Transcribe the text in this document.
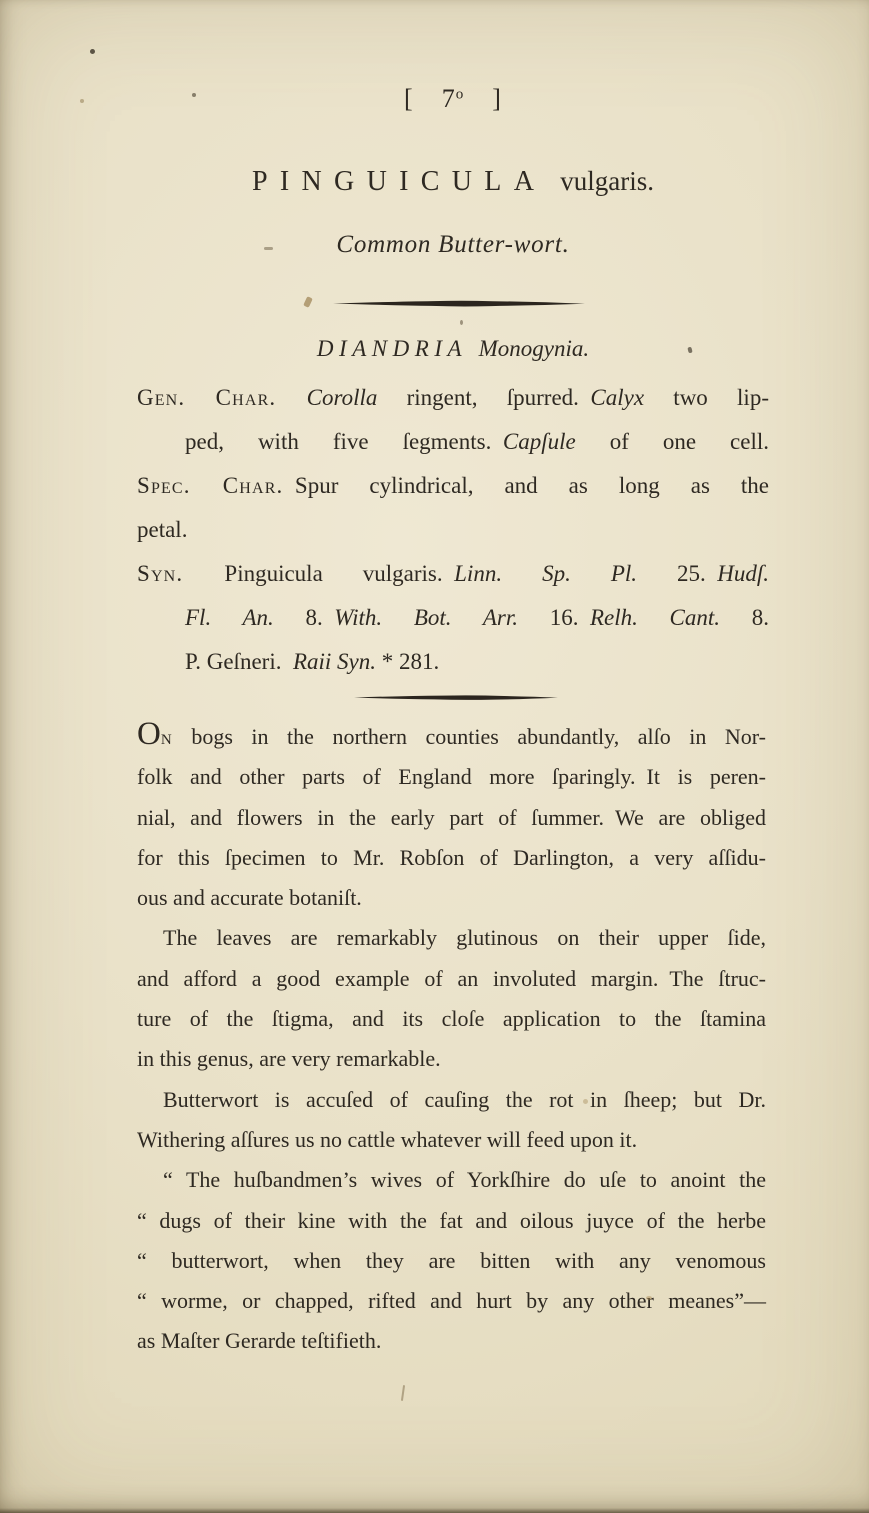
[  7$^o$  ]
PINGUICULA vulgaris.
Common Butter-wort.
DIANDRIA  Monogynia.
Gen. Char. Corolla ringent, ſpurred. Calyx two lip-
ped, with five ſegments. Capſule of one cell.
Spec. Char. Spur cylindrical, and as long as the
petal.
Syn. Pinguicula vulgaris. Linn. Sp. Pl. 25. Hudſ.
Fl. An. 8. With. Bot. Arr. 16. Relh. Cant. 8.
P. Geſneri. Raii Syn. * 281.
On bogs in the northern counties abundantly, alſo in Nor-
folk and other parts of England more ſparingly. It is peren-
nial, and flowers in the early part of ſummer. We are obliged
for this ſpecimen to Mr. Robſon of Darlington, a very aſſidu-
ous and accurate botaniſt.
The leaves are remarkably glutinous on their upper ſide,
and afford a good example of an involuted margin. The ſtruc-
ture of the ſtigma, and its cloſe application to the ſtamina
in this genus, are very remarkable.
Butterwort is accuſed of cauſing the rot in ſheep; but Dr.
Withering aſſures us no cattle whatever will feed upon it.
“ The huſbandmen’s wives of Yorkſhire do uſe to anoint the
“ dugs of their kine with the fat and oilous juyce of the herbe
“ butterwort, when they are bitten with any venomous
“ worme, or chapped, rifted and hurt by any other meanes”—
as Maſter Gerarde teſtifieth.
